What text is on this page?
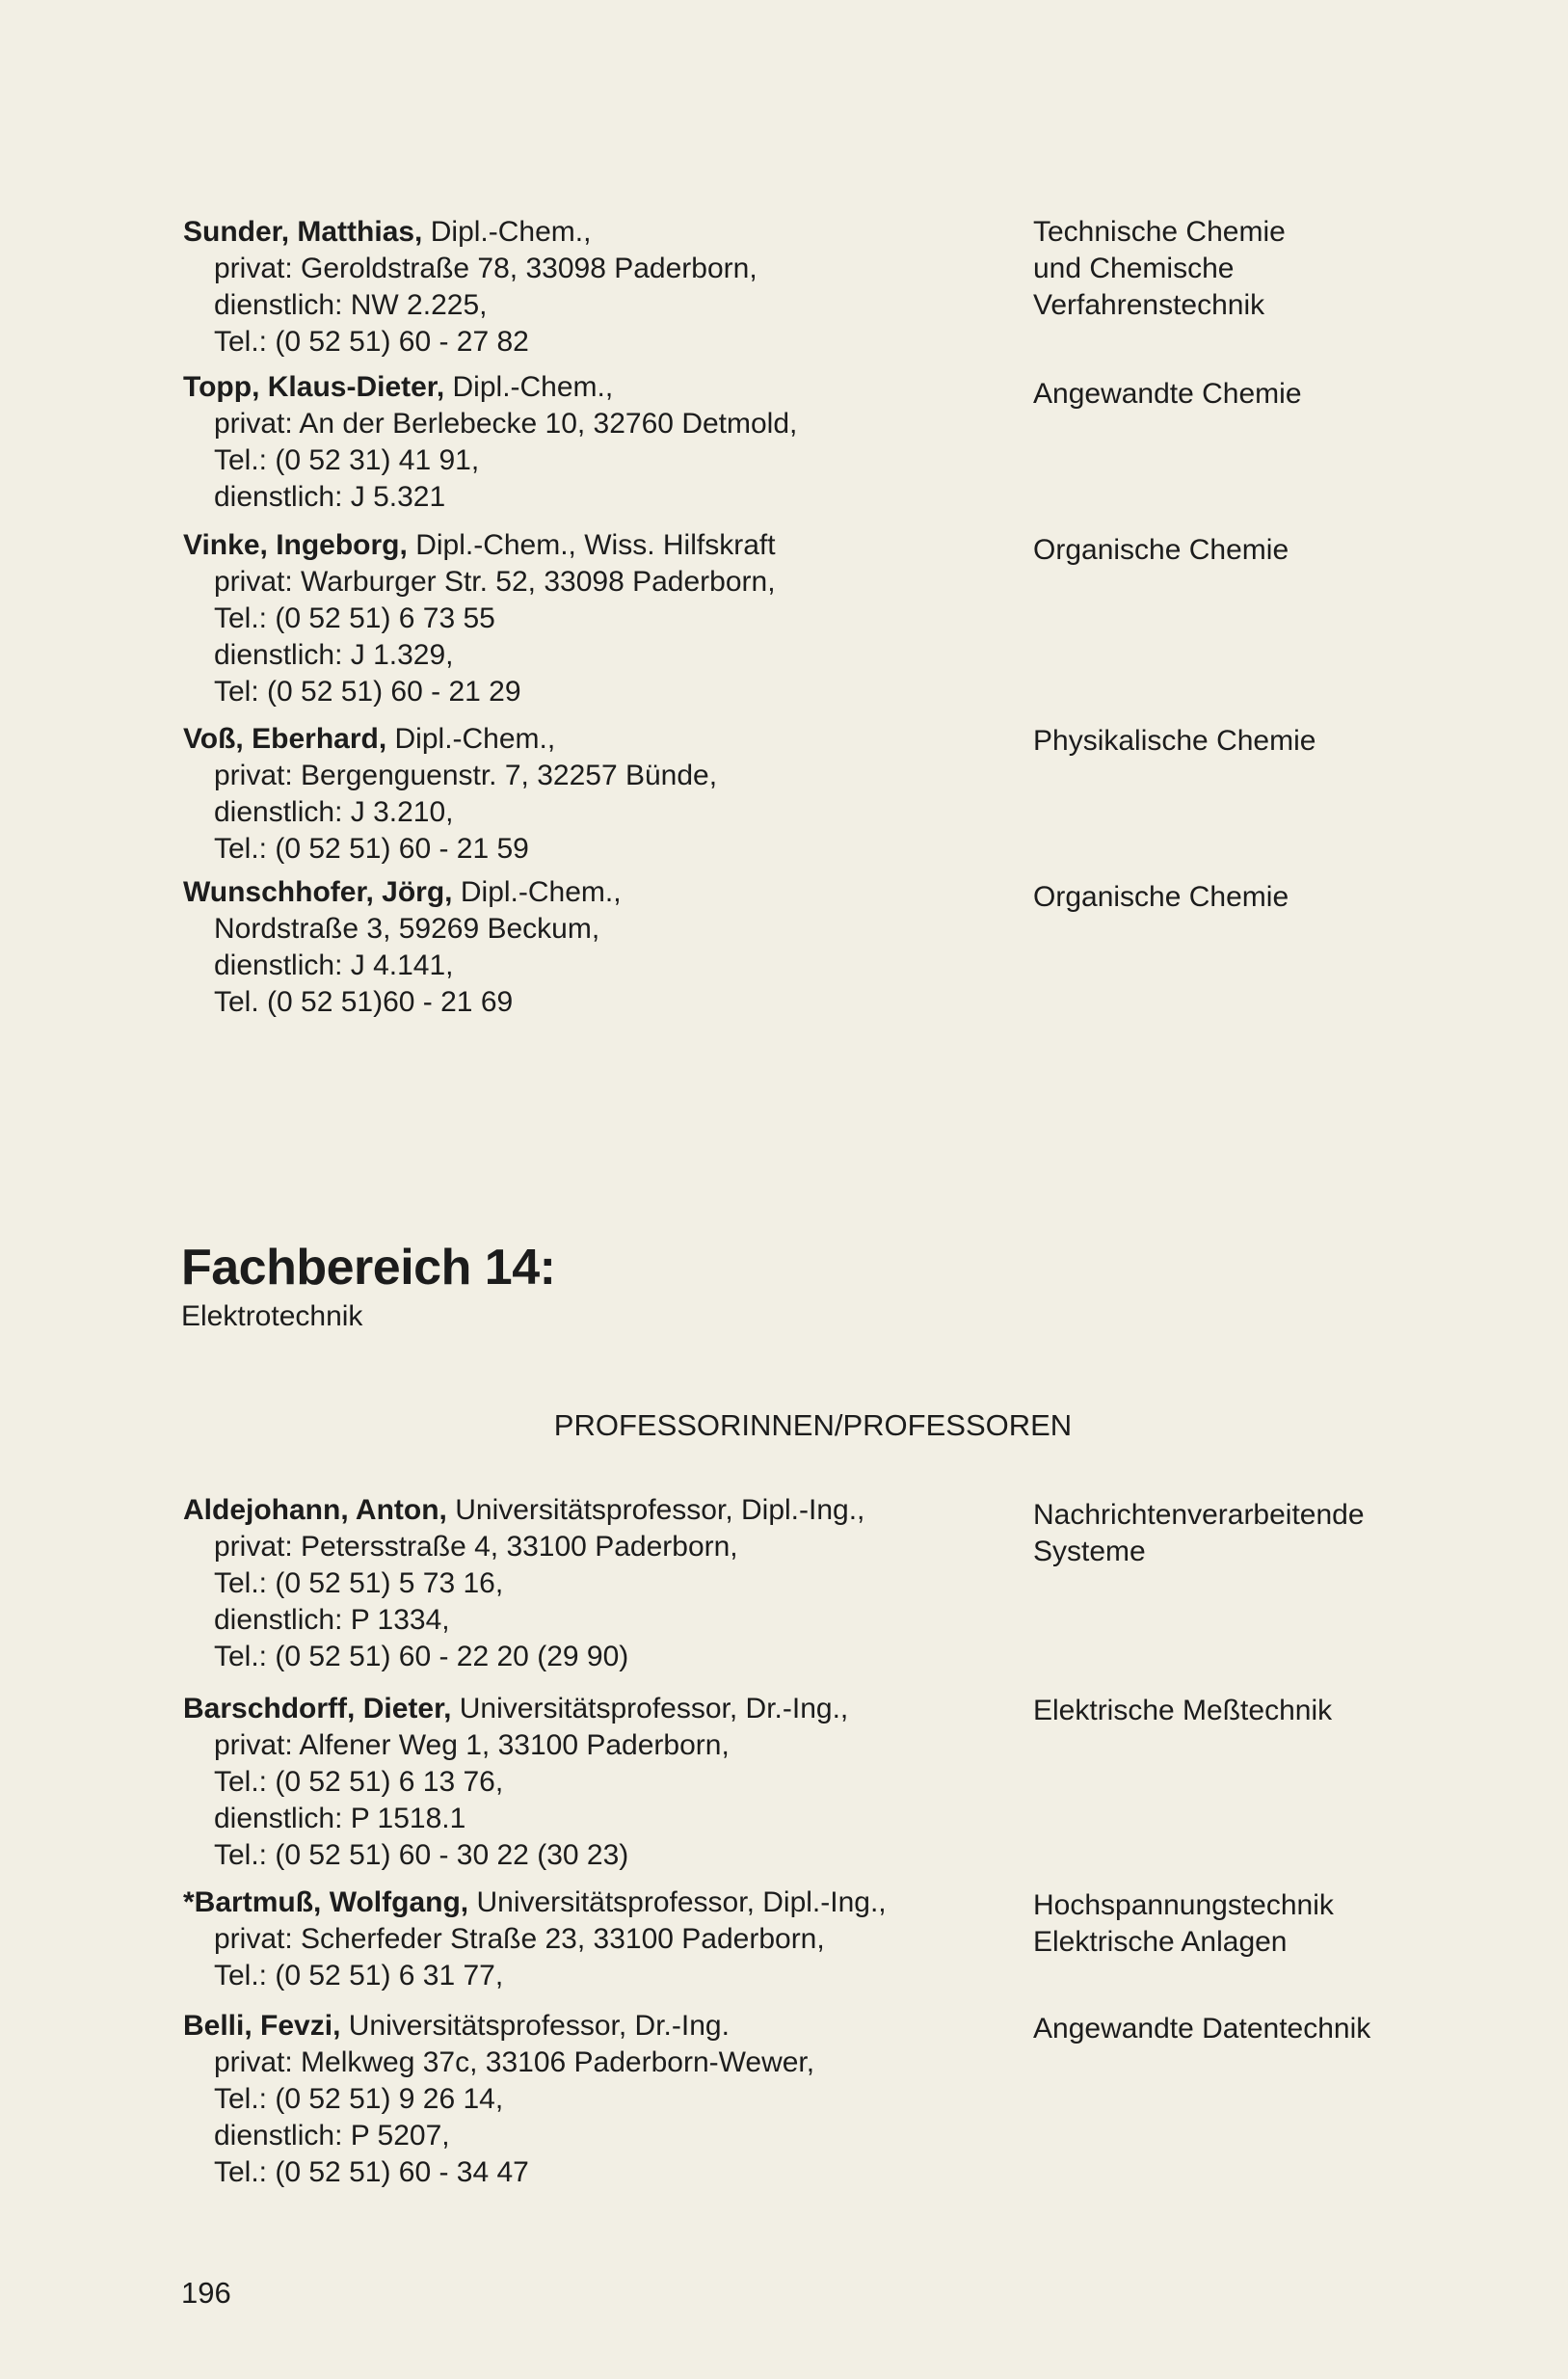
Sunder, Matthias, Dipl.-Chem.,
privat: Geroldstraße 78, 33098 Paderborn,
dienstlich: NW 2.225,
Tel.: (0 52 51) 60 - 27 82
Technische Chemie
und Chemische
Verfahrenstechnik
Topp, Klaus-Dieter, Dipl.-Chem.,
privat: An der Berlebecke 10, 32760 Detmold,
Tel.: (0 52 31) 41 91,
dienstlich: J 5.321
Angewandte Chemie
Vinke, Ingeborg, Dipl.-Chem., Wiss. Hilfskraft
privat: Warburger Str. 52, 33098 Paderborn,
Tel.: (0 52 51) 6 73 55
dienstlich: J 1.329,
Tel: (0 52 51) 60 - 21 29
Organische Chemie
Voß, Eberhard, Dipl.-Chem.,
privat: Bergenguenstr. 7, 32257 Bünde,
dienstlich: J 3.210,
Tel.: (0 52 51) 60 - 21 59
Physikalische Chemie
Wunschhofer, Jörg, Dipl.-Chem.,
Nordstraße 3, 59269 Beckum,
dienstlich: J 4.141,
Tel. (0 52 51)60 - 21 69
Organische Chemie
Fachbereich 14:
Elektrotechnik
PROFESSORINNEN/PROFESSOREN
Aldejohann, Anton, Universitätsprofessor, Dipl.-Ing.,
privat: Petersstraße 4, 33100 Paderborn,
Tel.: (0 52 51) 5 73 16,
dienstlich: P 1334,
Tel.: (0 52 51) 60 - 22 20 (29 90)
Nachrichtenverarbeitende
Systeme
Barschdorff, Dieter, Universitätsprofessor, Dr.-Ing.,
privat: Alfener Weg 1, 33100 Paderborn,
Tel.: (0 52 51) 6 13 76,
dienstlich: P 1518.1
Tel.: (0 52 51) 60 - 30 22 (30 23)
Elektrische Meßtechnik
*Bartmuß, Wolfgang, Universitätsprofessor, Dipl.-Ing.,
privat: Scherfeder Straße 23, 33100 Paderborn,
Tel.: (0 52 51) 6 31 77,
Hochspannungstechnik
Elektrische Anlagen
Belli, Fevzi, Universitätsprofessor, Dr.-Ing.
privat: Melkweg 37c, 33106 Paderborn-Wewer,
Tel.: (0 52 51) 9 26 14,
dienstlich: P 5207,
Tel.: (0 52 51) 60 - 34 47
Angewandte Datentechnik
196
